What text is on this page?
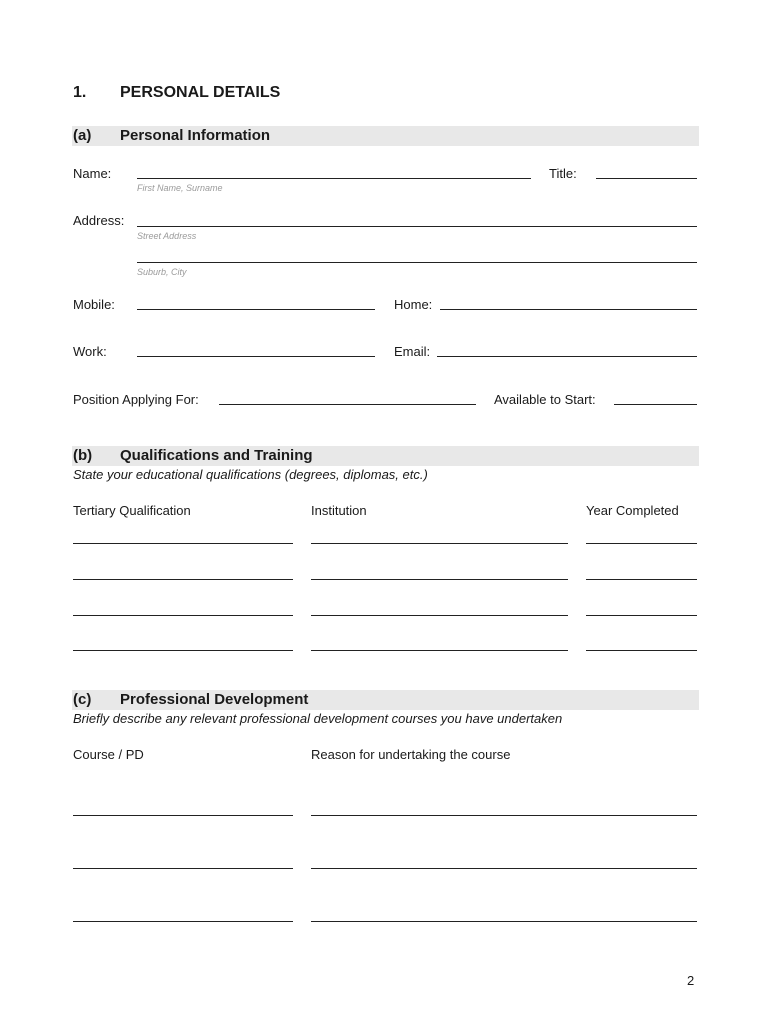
1. PERSONAL DETAILS
(a) Personal Information
Name:
First Name, Surname
Title:
Address:
Street Address
Suburb, City
Mobile:	Home:
Work:	Email:
Position Applying For:	Available to Start:
(b) Qualifications and Training
State your educational qualifications (degrees, diplomas, etc.)
Tertiary Qualification	Institution	Year Completed
(c) Professional Development
Briefly describe any relevant professional development courses you have undertaken
Course / PD	Reason for undertaking the course
2
